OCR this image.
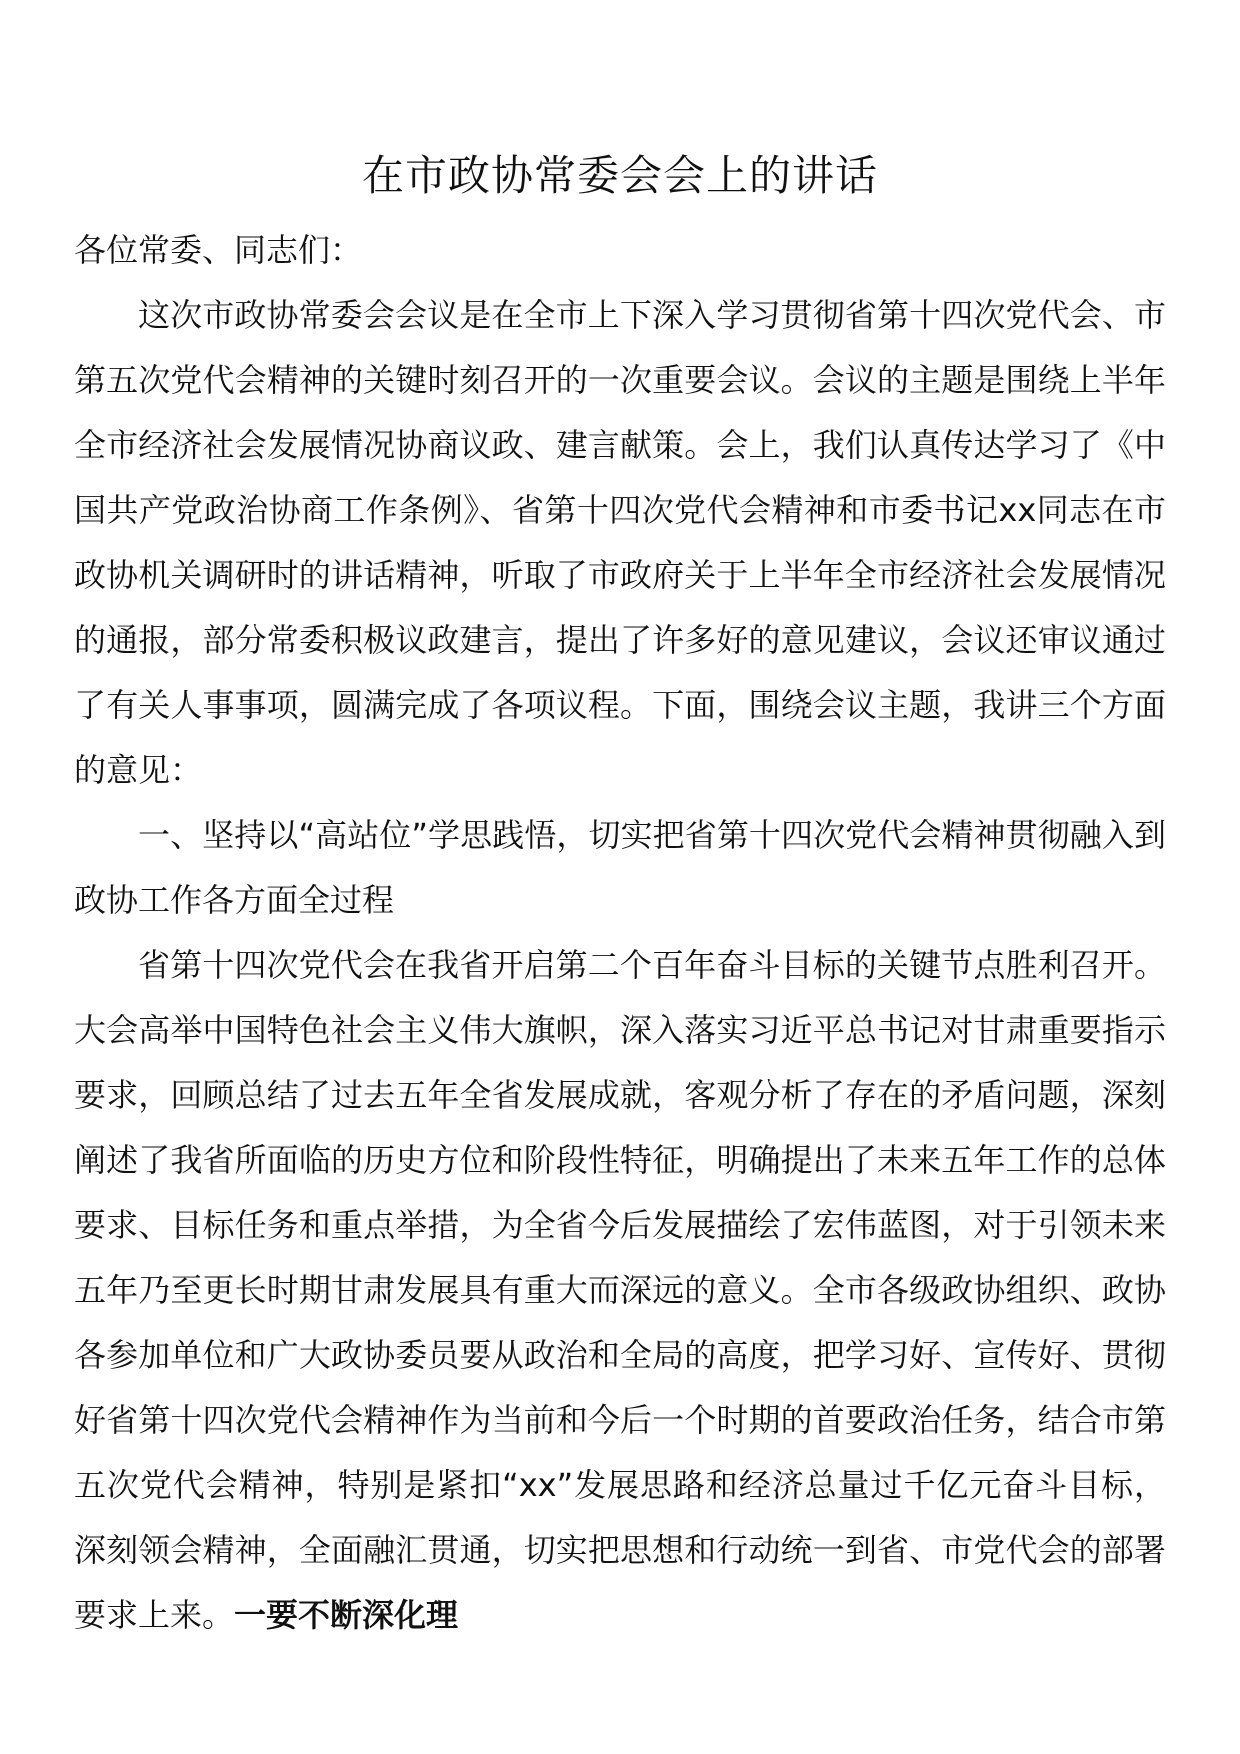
在市政协常委会会上的讲话

各位常委、同志们：

这次市政协常委会会议是在全市上下深入学习贯彻省第十四次党代会、市第五次党代会精神的关键时刻召开的一次重要会议。会议的主题是围绕上半年全市经济社会发展情况协商议政、建言献策。会上，我们认真传达学习了《中国共产党政治协商工作条例》、省第十四次党代会精神和市委书记xx同志在市政协机关调研时的讲话精神，听取了市政府关于上半年全市经济社会发展情况的通报，部分常委积极议政建言，提出了许多好的意见建议，会议还审议通过了有关人事事项，圆满完成了各项议程。下面，围绕会议主题，我讲三个方面的意见：

一、坚持以“高站位”学思践悟，切实把省第十四次党代会精神贯彻融入到政协工作各方面全过程

省第十四次党代会在我省开启第二个百年奋斗目标的关键节点胜利召开。大会高举中国特色社会主义伟大旗帜，深入落实习近平总书记对甘肃重要指示要求，回顾总结了过去五年全省发展成就，客观分析了存在的矛盾问题，深刻阐述了我省所面临的历史方位和阶段性特征，明确提出了未来五年工作的总体要求、目标任务和重点举措，为全省今后发展描绘了宏伟蓝图，对于引领未来五年乃至更长时期甘肃发展具有重大而深远的意义。全市各级政协组织、政协各参加单位和广大政协委员要从政治和全局的高度，把学习好、宣传好、贯彻好省第十四次党代会精神作为当前和今后一个时期的首要政治任务，结合市第五次党代会精神，特别是紧扣“xx”发展思路和经济总量过千亿元奋斗目标，深刻领会精神，全面融汇贯通，切实把思想和行动统一到省、市党代会的部署要求上来。一要不断深化理
